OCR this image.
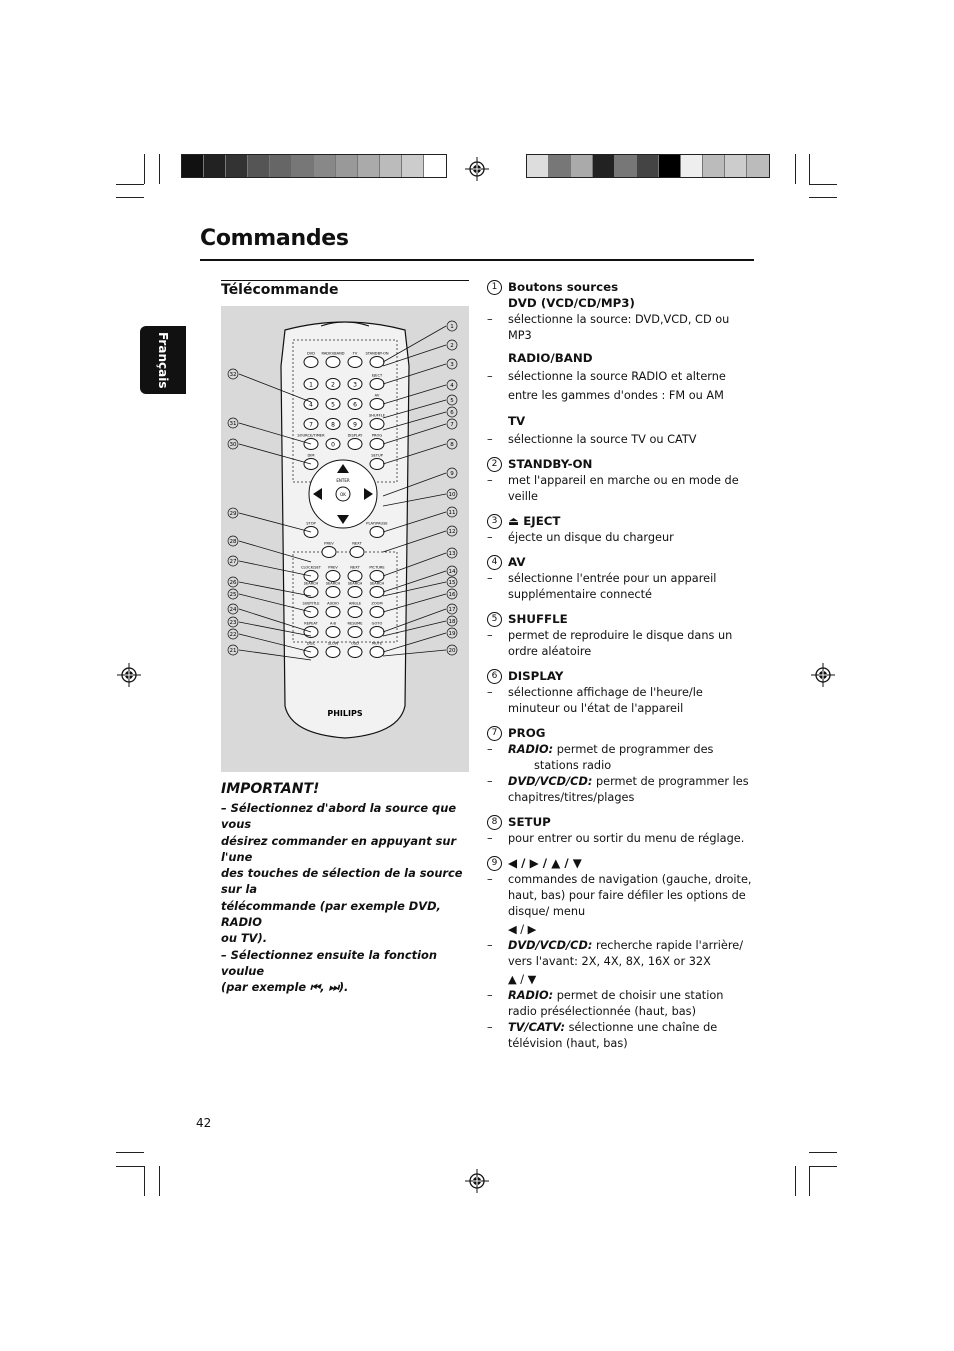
Commandes
Français
Télécommande
PHILIPS
DVD RADIO/BAND TV STANDBY-ON
1	2	3
EJECT
4	5	6
AV
7	8	9
SHUFFLE
SOURCE/TIMER
0
DISPLAY	PROG
DIM	SETUP
STOP	PLAY/PAUSE
PREV	NEXT
CLOCK/SET PREV	NEXT	PICTURE
SEARCH SEARCH SEARCH SEARCH
SUBTITLE AUDIO	ANGLE	ZOOM
REPEAT	A-B	RESUME	GOTO
DISC	SLOW	OSD	MUTE
ENTER
OK
1
2
3
4
5
6
7
8
9
10
11
12
13
14
15
16
17
18
19
20
21
22
23
24
25
26
27
28
29
30
31
32
IMPORTANT!
– Sélectionnez d'abord la source que vous
désirez commander en appuyant sur l'une
des touches de sélection de la source sur la
télécommande (par exemple DVD, RADIO
ou TV).
– Sélectionnez ensuite la fonction voulue
(par exemple ⏮, ⏭).
1 Boutons sources
DVD (VCD/CD/MP3)
– sélectionne la source: DVD,VCD, CD ou MP3
RADIO/BAND
– sélectionne la source RADIO et alterne entre les gammes d'ondes : FM ou AM
TV
– sélectionne la source TV ou CATV
2 STANDBY-ON
– met l'appareil en marche ou en mode de veille
3 ⏏ EJECT
– éjecte un disque du chargeur
4 AV
– sélectionne l'entrée pour un appareil supplémentaire connecté
5 SHUFFLE
– permet de reproduire le disque dans un ordre aléatoire
6 DISPLAY
– sélectionne affichage de l'heure/le minuteur ou l'état de l'appareil
7 PROG
– RADIO: permet de programmer des stations radio
– DVD/VCD/CD: permet de programmer les chapitres/titres/plages
8 SETUP
– pour entrer ou sortir du menu de réglage.
9 ◀ / ▶ / ▲ / ▼
– commandes de navigation (gauche, droite, haut, bas) pour faire défiler les options de disque/ menu
◀ / ▶
– DVD/VCD/CD: recherche rapide l'arrière/ vers l'avant: 2X, 4X, 8X, 16X or 32X
▲ / ▼
– RADIO: permet de choisir une station radio présélectionnée (haut, bas)
– TV/CATV: sélectionne une chaîne de télévision (haut, bas)
42
